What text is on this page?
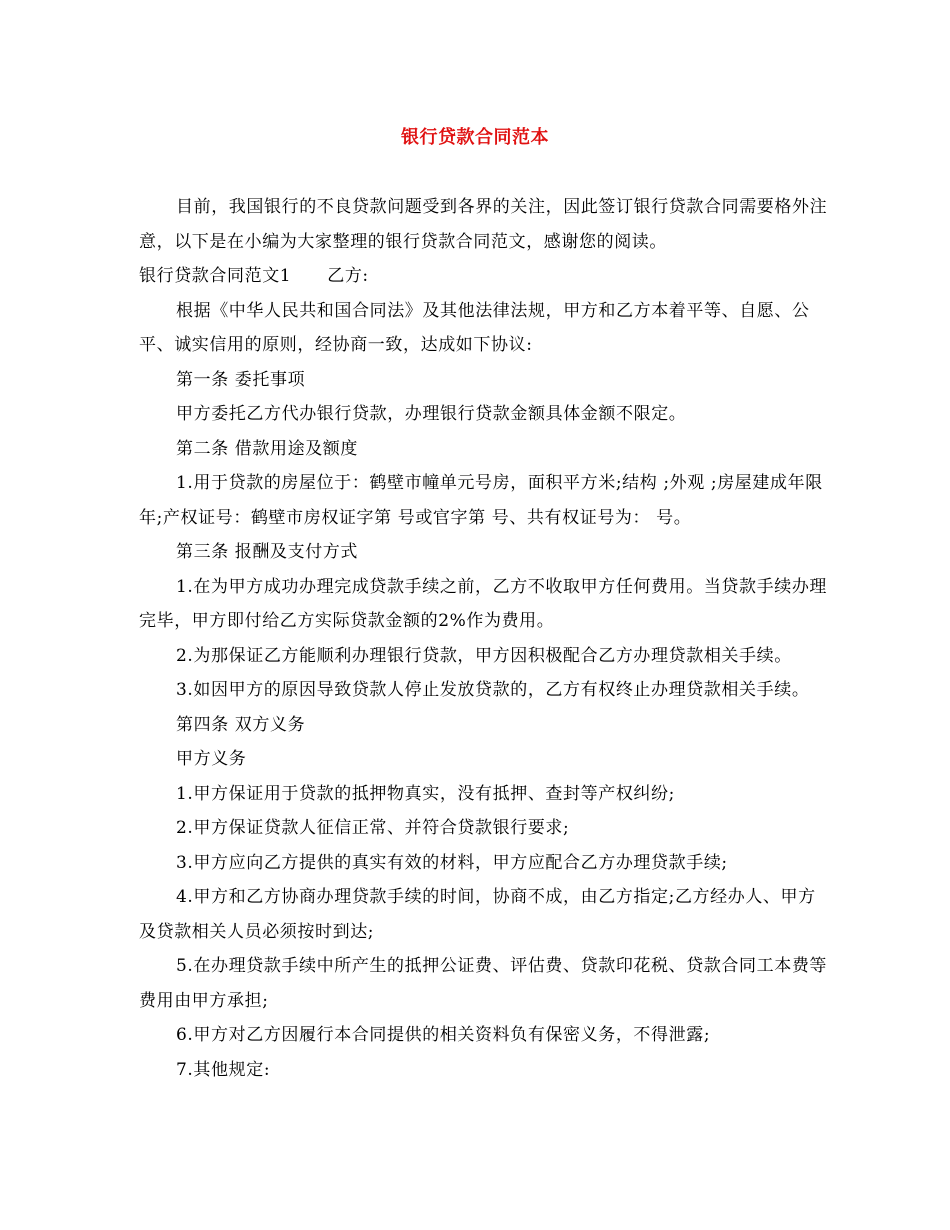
银行贷款合同范本

目前，我国银行的不良贷款问题受到各界的关注，因此签订银行贷款合同需要格外注意，以下是在小编为大家整理的银行贷款合同范文，感谢您的阅读。

银行贷款合同范文1 乙方:

根据《中华人民共和国合同法》及其他法律法规，甲方和乙方本着平等、自愿、公平、诚实信用的原则，经协商一致，达成如下协议:

第一条 委托事项

甲方委托乙方代办银行贷款，办理银行贷款金额具体金额不限定。

第二条 借款用途及额度

1.用于贷款的房屋位于：鹤壁市幢单元号房，面积平方米;结构 ;外观 ;房屋建成年限 年;产权证号：鹤壁市房权证字第 号或官字第 号、共有权证号为： 号。

第三条 报酬及支付方式

1.在为甲方成功办理完成贷款手续之前，乙方不收取甲方任何费用。当贷款手续办理完毕，甲方即付给乙方实际贷款金额的2%作为费用。

2.为那保证乙方能顺利办理银行贷款，甲方因积极配合乙方办理贷款相关手续。

3.如因甲方的原因导致贷款人停止发放贷款的，乙方有权终止办理贷款相关手续。

第四条 双方义务

甲方义务

1.甲方保证用于贷款的抵押物真实，没有抵押、查封等产权纠纷;

2.甲方保证贷款人征信正常、并符合贷款银行要求;

3.甲方应向乙方提供的真实有效的材料，甲方应配合乙方办理贷款手续;

4.甲方和乙方协商办理贷款手续的时间，协商不成，由乙方指定;乙方经办人、甲方及贷款相关人员必须按时到达;

5.在办理贷款手续中所产生的抵押公证费、评估费、贷款印花税、贷款合同工本费等费用由甲方承担;

6.甲方对乙方因履行本合同提供的相关资料负有保密义务，不得泄露;

7.其他规定:
